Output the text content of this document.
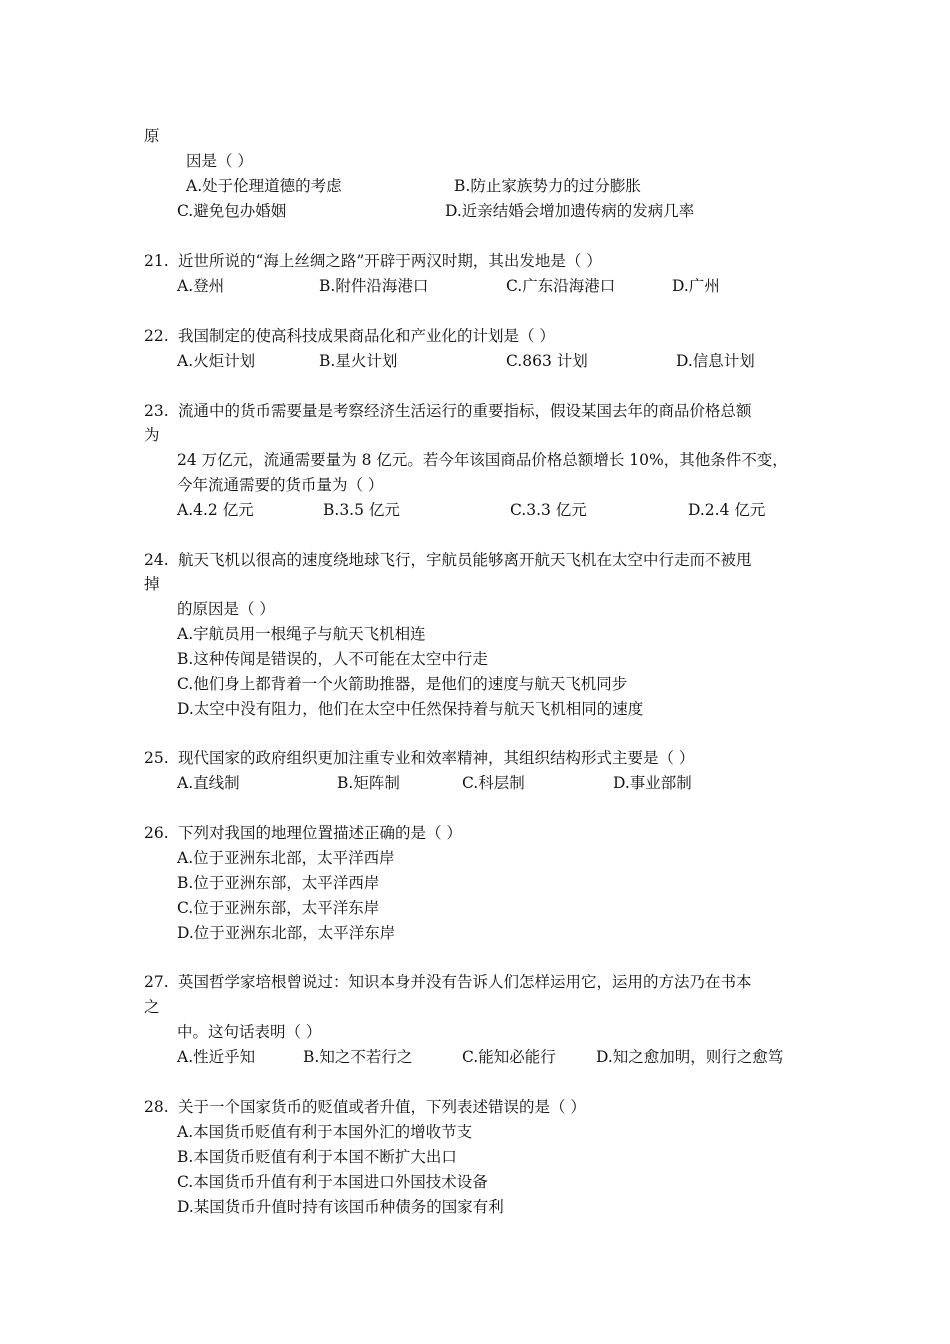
原
因是（ ）
A.处于伦理道德的考虑	B.防止家族势力的过分膨胀
C.避免包办婚姻	D.近亲结婚会增加遗传病的发病几率
21. 近世所说的“海上丝绸之路”开辟于两汉时期，其出发地是（ ）
A.登州	B.附件沿海港口	C.广东沿海港口	D.广州
22. 我国制定的使高科技成果商品化和产业化的计划是（ ）
A.火炬计划	B.星火计划	C.863 计划	D.信息计划
23. 流通中的货币需要量是考察经济生活运行的重要指标，假设某国去年的商品价格总额
为
24 万亿元，流通需要量为 8 亿元。若今年该国商品价格总额增长 10%，其他条件不变，
今年流通需要的货币量为（ ）
A.4.2 亿元	B.3.5 亿元	C.3.3 亿元	D.2.4 亿元
24. 航天飞机以很高的速度绕地球飞行，宇航员能够离开航天飞机在太空中行走而不被甩
掉
的原因是（ ）
A.宇航员用一根绳子与航天飞机相连
B.这种传闻是错误的，人不可能在太空中行走
C.他们身上都背着一个火箭助推器，是他们的速度与航天飞机同步
D.太空中没有阻力，他们在太空中任然保持着与航天飞机相同的速度
25. 现代国家的政府组织更加注重专业和效率精神，其组织结构形式主要是（ ）
A.直线制	B.矩阵制	C.科层制	D.事业部制
26. 下列对我国的地理位置描述正确的是（ ）
A.位于亚洲东北部，太平洋西岸
B.位于亚洲东部，太平洋西岸
C.位于亚洲东部，太平洋东岸
D.位于亚洲东北部，太平洋东岸
27. 英国哲学家培根曾说过：知识本身并没有告诉人们怎样运用它，运用的方法乃在书本
之
中。这句话表明（ ）
A.性近乎知	B.知之不若行之	C.能知必能行	D.知之愈加明，则行之愈笃
28. 关于一个国家货币的贬值或者升值，下列表述错误的是（ ）
A.本国货币贬值有利于本国外汇的增收节支
B.本国货币贬值有利于本国不断扩大出口
C.本国货币升值有利于本国进口外国技术设备
D.某国货币升值时持有该国币种债务的国家有利
